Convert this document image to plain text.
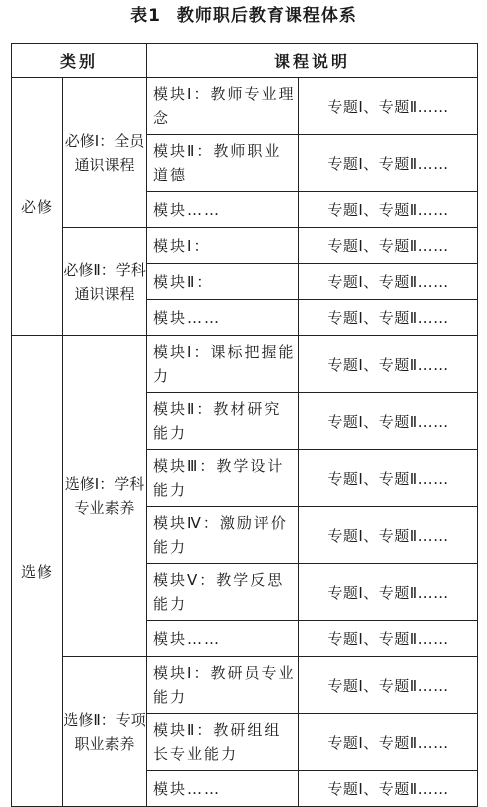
表1 教师职后教育课程体系
类别		课程说明	
必修	必修Ⅰ：全员通识课程	模块Ⅰ：教师专业理念	专题Ⅰ、专题Ⅱ……
		模块Ⅱ：教师职业道德	专题Ⅰ、专题Ⅱ……
		模块……	专题Ⅰ、专题Ⅱ……
	必修Ⅱ：学科通识课程	模块Ⅰ：	专题Ⅰ、专题Ⅱ……
		模块Ⅱ：	专题Ⅰ、专题Ⅱ……
		模块……	专题Ⅰ、专题Ⅱ……
选修	选修Ⅰ：学科专业素养	模块Ⅰ：课标把握能力	专题Ⅰ、专题Ⅱ……
		模块Ⅱ：教材研究能力	专题Ⅰ、专题Ⅱ……
		模块Ⅲ：教学设计能力	专题Ⅰ、专题Ⅱ……
		模块Ⅳ：激励评价能力	专题Ⅰ、专题Ⅱ……
		模块Ⅴ：教学反思能力	专题Ⅰ、专题Ⅱ……
		模块……	专题Ⅰ、专题Ⅱ……
	选修Ⅱ：专项职业素养	模块Ⅰ：教研员专业能力	专题Ⅰ、专题Ⅱ……
		模块Ⅱ：教研组组长专业能力	专题Ⅰ、专题Ⅱ……
		模块……	专题Ⅰ、专题Ⅱ……
